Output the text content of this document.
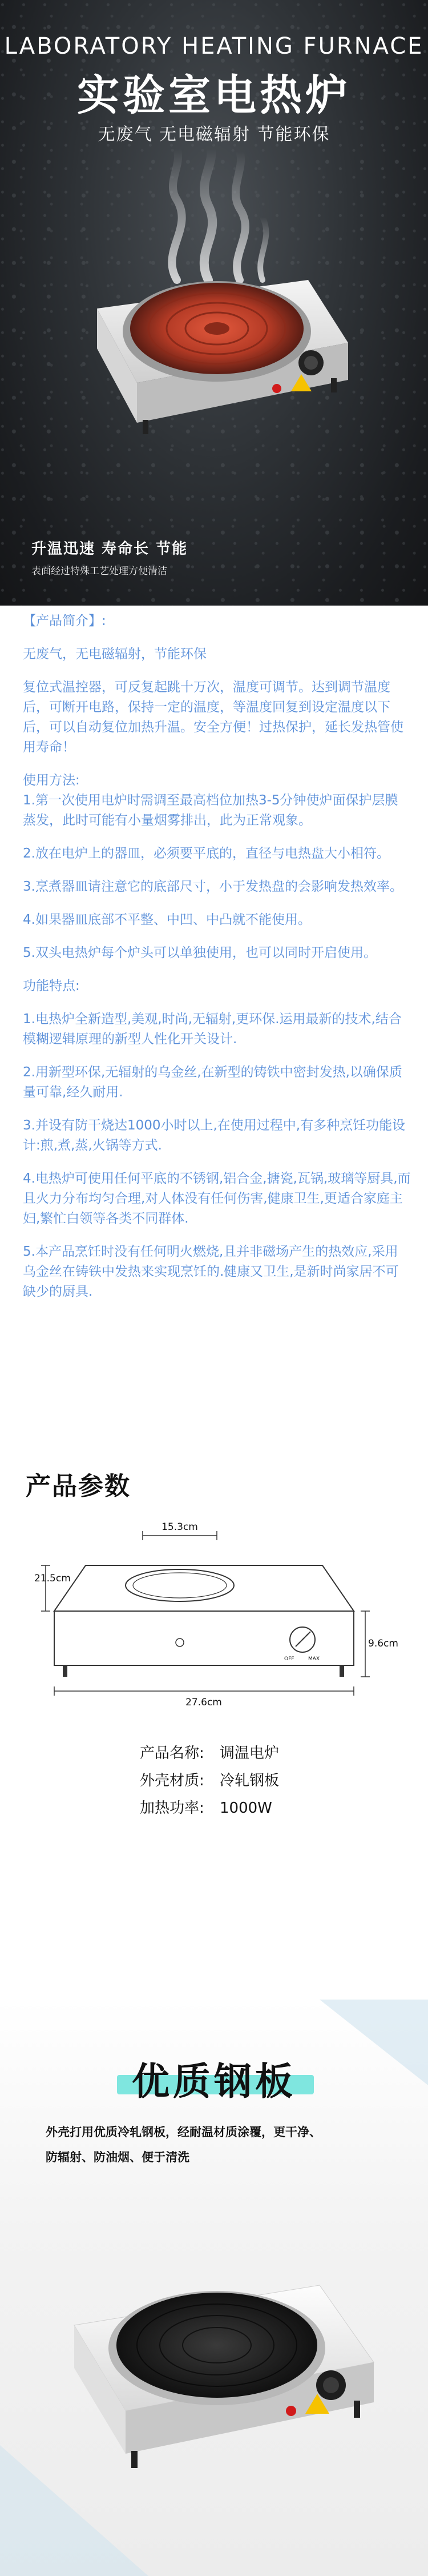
LABORATORY HEATING FURNACE
实验室电热炉
无废气 无电磁辐射 节能环保
升温迅速 寿命长 节能
表面经过特殊工艺处理方便清洁

【产品简介】:

无废气，无电磁辐射，节能环保

复位式温控器，可反复起跳十万次，温度可调节。达到调节温度后，可断开电路，保持一定的温度，等温度回复到设定温度以下后，可以自动复位加热升温。安全方便！过热保护，延长发热管使用寿命！

使用方法:

1.第一次使用电炉时需调至最高档位加热3-5分钟使炉面保护层膜蒸发，此时可能有小量烟雾排出，此为正常观象。

2.放在电炉上的器皿，必须要平底的，直径与电热盘大小相符。

3.烹煮器皿请注意它的底部尺寸，小于发热盘的会影响发热效率。

4.如果器皿底部不平整、中凹、中凸就不能使用。

5.双头电热炉每个炉头可以单独使用，也可以同时开启使用。

功能特点:

1.电热炉全新造型,美观,时尚,无辐射,更环保.运用最新的技术,结合模糊逻辑原理的新型人性化开关设计.

2.用新型环保,无辐射的乌金丝,在新型的铸铁中密封发热,以确保质量可靠,经久耐用.

3.并设有防干烧达1000小时以上,在使用过程中,有多种烹饪功能设计:煎,煮,蒸,火锅等方式.

4.电热炉可使用任何平底的不锈钢,铝合金,搪瓷,瓦锅,玻璃等厨具,而且火力分布均匀合理,对人体没有任何伤害,健康卫生,更适合家庭主妇,繁忙白领等各类不同群体.

5.本产品烹饪时没有任何明火燃烧,且并非磁场产生的热效应,采用乌金丝在铸铁中发热来实现烹饪的.健康又卫生,是新时尚家居不可缺少的厨具.

产品参数
15.3cm
OFF	MAX
21.5cm
9.6cm
27.6cm
产品名称: 调温电炉
外壳材质: 冷轧钢板
加热功率: 1000W
优质钢板
外壳打用优质冷轧钢板，经耐温材质涂覆，更干净、
防辐射、防油烟、便于清洗
